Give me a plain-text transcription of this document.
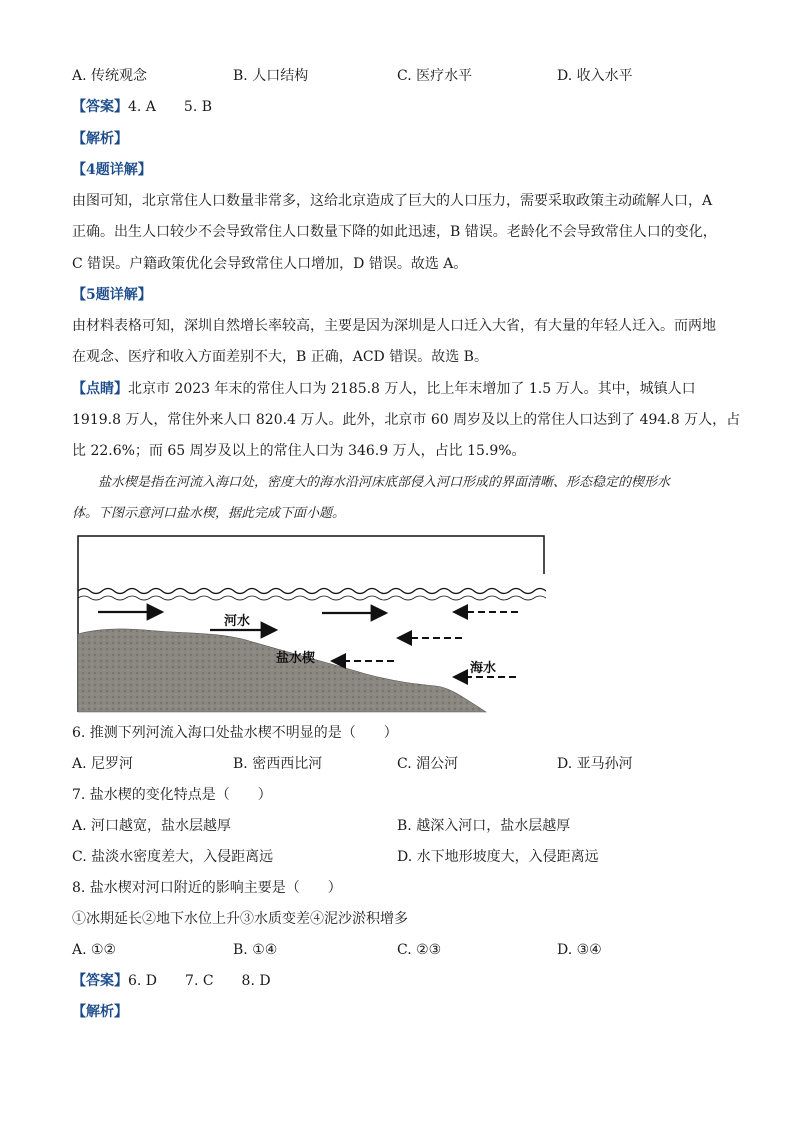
A. 传统观念	B. 人口结构	C. 医疗水平	D. 收入水平
【答案】4. A　　5. B
【解析】
【4题详解】
由图可知，北京常住人口数量非常多，这给北京造成了巨大的人口压力，需要采取政策主动疏解人口，A
正确。出生人口较少不会导致常住人口数量下降的如此迅速，B 错误。老龄化不会导致常住人口的变化，
C 错误。户籍政策优化会导致常住人口增加，D 错误。故选 A。
【5题详解】
由材料表格可知，深圳自然增长率较高，主要是因为深圳是人口迁入大省，有大量的年轻人迁入。而两地
在观念、医疗和收入方面差别不大，B 正确，ACD 错误。故选 B。
【点睛】北京市 2023 年末的常住人口为 2185.8 万人，比上年末增加了 1.5 万人。其中，城镇人口
1919.8 万人，常住外来人口 820.4 万人。此外，北京市 60 周岁及以上的常住人口达到了 494.8 万人，占
比 22.6%；而 65 周岁及以上的常住人口为 346.9 万人，占比 15.9%。
盐水楔是指在河流入海口处，密度大的海水沿河床底部侵入河口形成的界面清晰、形态稳定的楔形水
体。下图示意河口盐水楔，据此完成下面小题。
河水
盐水楔
海水
6. 推测下列河流入海口处盐水楔不明显的是（　　）
A. 尼罗河	B. 密西西比河	C. 湄公河	D. 亚马孙河
7. 盐水楔的变化特点是（　　）
A. 河口越宽，盐水层越厚	B. 越深入河口，盐水层越厚
C. 盐淡水密度差大，入侵距离远	D. 水下地形坡度大，入侵距离远
8. 盐水楔对河口附近的影响主要是（　　）
①冰期延长②地下水位上升③水质变差④泥沙淤积增多
A. ①②	B. ①④	C. ②③	D. ③④
【答案】6. D　　7. C　　8. D
【解析】
